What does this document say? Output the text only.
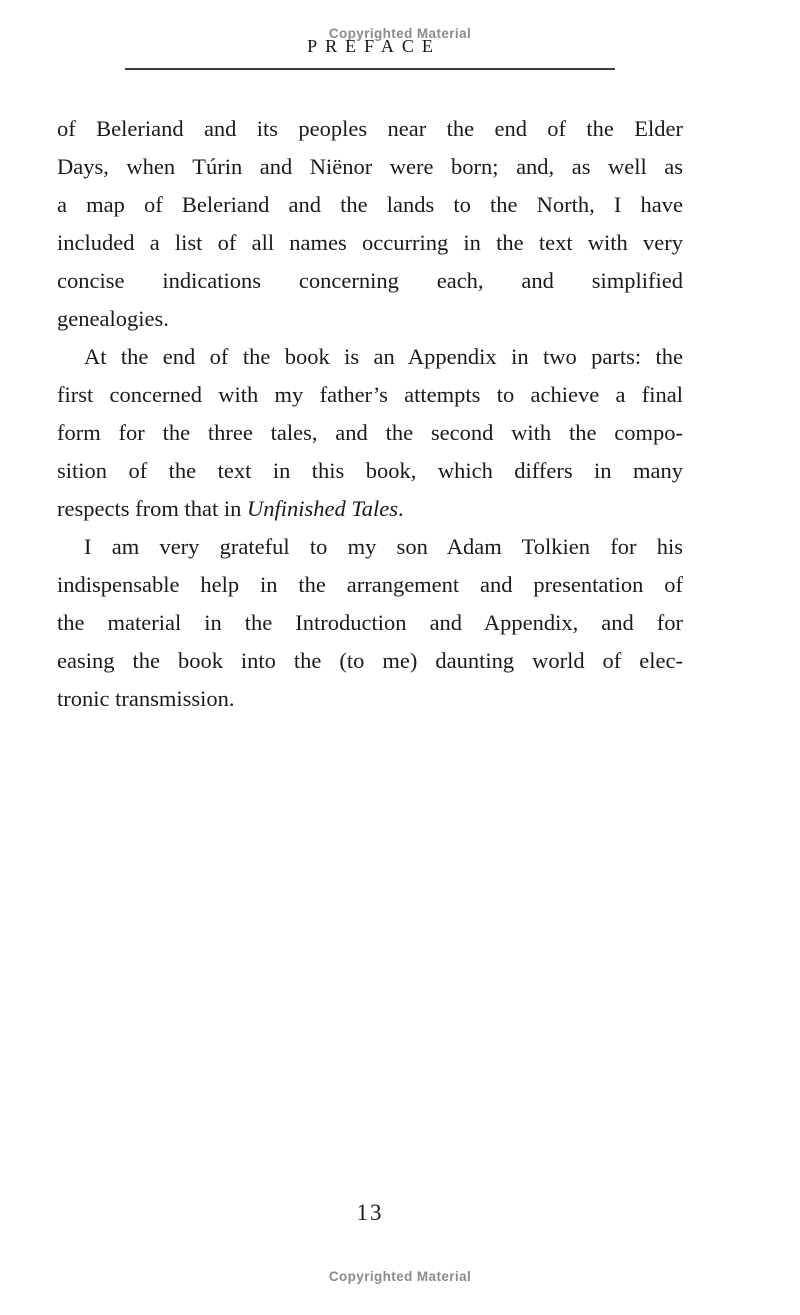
Copyrighted Material
PREFACE
of Beleriand and its peoples near the end of the Elder
Days, when Túrin and Niënor were born; and, as well as
a map of Beleriand and the lands to the North, I have
included a list of all names occurring in the text with very
concise indications concerning each, and simplified
genealogies.
At the end of the book is an Appendix in two parts: the
first concerned with my father’s attempts to achieve a final
form for the three tales, and the second with the compo-
sition of the text in this book, which differs in many
respects from that in Unfinished Tales.
I am very grateful to my son Adam Tolkien for his
indispensable help in the arrangement and presentation of
the material in the Introduction and Appendix, and for
easing the book into the (to me) daunting world of elec-
tronic transmission.
13
Copyrighted Material
